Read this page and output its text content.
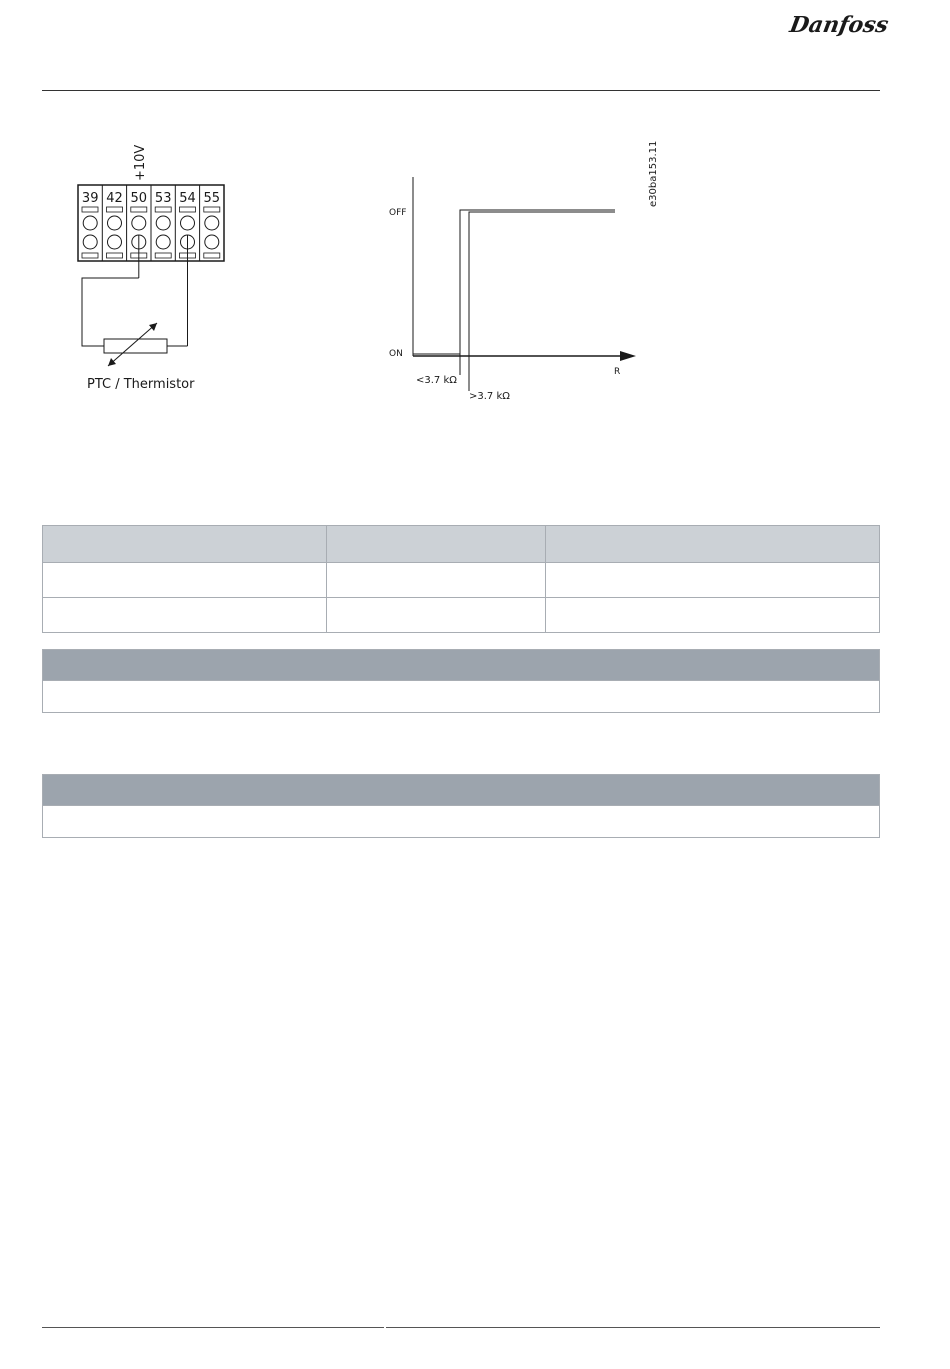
Danfoss
39 42 50 53 54 55
+10V
PTC / Thermistor
e30ba153.11
OFF
ON
R
<3.7 kΩ
>3.7 kΩ
